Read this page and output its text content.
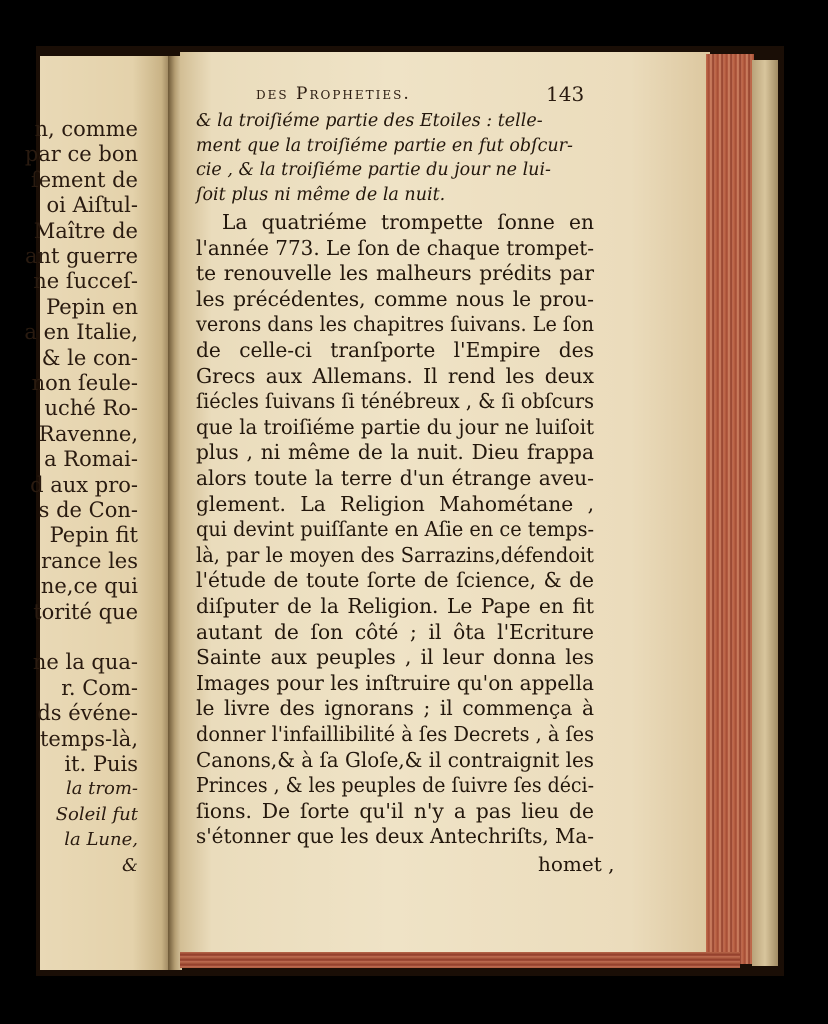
n, comme
par ce bon
ſement de
oi Aiſtul-
Maître de
ant guerre
ne ſucceſ-
Pepin en
a en Italie,
& le con-
non ſeule-
uché Ro-
Ravenne,
a Romai-
d aux pro-
s de Con-
Pepin fit
rance les
ne,ce qui
torité que
ne la qua-
r. Com-
ds événe-
temps-là,
it. Puis
la trom-
Soleil fut
la Lune,
&
des Propheties.	143
& la troiſiéme partie des Etoiles : telle-
ment que la troiſiéme partie en fut obſcur-
cie , & la troiſiéme partie du jour ne lui-
ſoit plus ni même de la nuit.
La quatriéme trompette ſonne en
l'année 773. Le ſon de chaque trompet-
te renouvelle les malheurs prédits par
les précédentes, comme nous le prou-
verons dans les chapitres ſuivans. Le ſon
de celle-ci tranſporte l'Empire des
Grecs aux Allemans. Il rend les deux
ſiécles ſuivans ſi ténébreux , & ſi obſcurs
que la troiſiéme partie du jour ne luiſoit
plus , ni même de la nuit. Dieu frappa
alors toute la terre d'un étrange aveu-
glement. La Religion Mahométane ,
qui devint puiſſante en Aſie en ce temps-
là, par le moyen des Sarrazins,défendoit
l'étude de toute ſorte de ſcience, & de
diſputer de la Religion. Le Pape en fit
autant de ſon côté ; il ôta l'Ecriture
Sainte aux peuples , il leur donna les
Images pour les inſtruire qu'on appella
le livre des ignorans ; il commença à
donner l'infaillibilité à ſes Decrets , à ſes
Canons,& à ſa Gloſe,& il contraignit les
Princes , & les peuples de ſuivre ſes déci-
ſions. De ſorte qu'il n'y a pas lieu de
s'étonner que les deux Antechriſts, Ma-
homet ,
